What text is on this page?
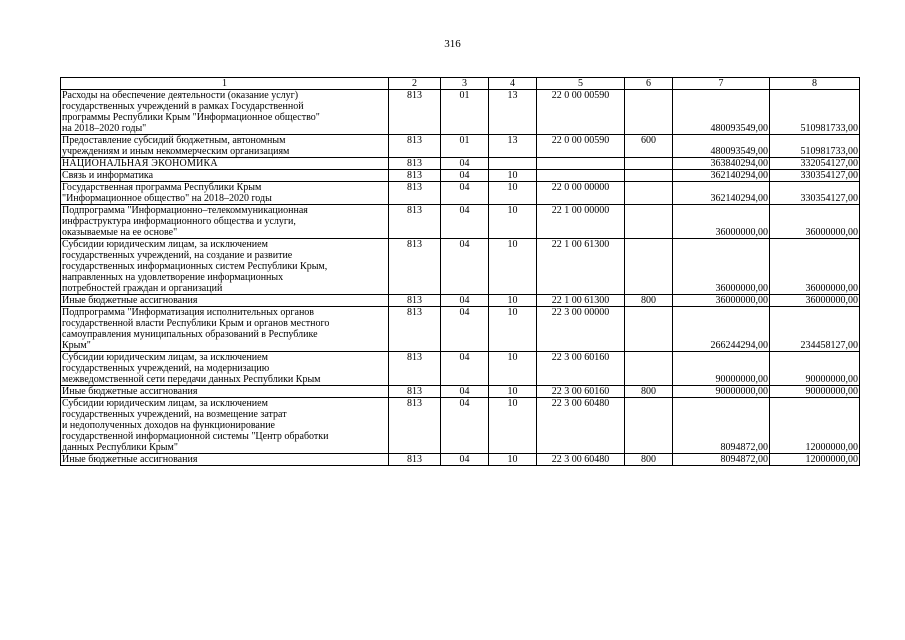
316
1	2	3	4	5	6	7	8

Расходы на обеспечение деятельности (оказание услуг)
государственных учреждений в рамках Государственной
программы Республики Крым "Информационное общество"
на 2018–2020 годы"	813	01	13	22 0 00 00590		480093549,00	510981733,00

Предоставление субсидий бюджетным, автономным
учреждениям и иным некоммерческим организациям	813	01	13	22 0 00 00590	600	480093549,00	510981733,00

НАЦИОНАЛЬНАЯ ЭКОНОМИКА	813	04				363840294,00	332054127,00

Связь и информатика	813	04	10			362140294,00	330354127,00

Государственная программа Республики Крым
"Информационное общество" на 2018–2020 годы	813	04	10	22 0 00 00000		362140294,00	330354127,00

Подпрограмма "Информационно–телекоммуникационная
инфраструктура информационного общества и услуги,
оказываемые на ее основе"	813	04	10	22 1 00 00000		36000000,00	36000000,00

Субсидии юридическим лицам, за исключением
государственных учреждений, на создание и развитие
государственных информационных систем Республики Крым,
направленных на удовлетворение информационных
потребностей граждан и организаций	813	04	10	22 1 00 61300		36000000,00	36000000,00

Иные бюджетные ассигнования	813	04	10	22 1 00 61300	800	36000000,00	36000000,00

Подпрограмма "Информатизация исполнительных органов
государственной власти Республики Крым и органов местного
самоуправления муниципальных образований в Республике
Крым"	813	04	10	22 3 00 00000		266244294,00	234458127,00

Субсидии юридическим лицам, за исключением
государственных учреждений, на модернизацию
межведомственной сети передачи данных Республики Крым	813	04	10	22 3 00 60160		90000000,00	90000000,00

Иные бюджетные ассигнования	813	04	10	22 3 00 60160	800	90000000,00	90000000,00

Субсидии юридическим лицам, за исключением
государственных учреждений, на возмещение затрат
и недополученных доходов на функционирование
государственной информационной системы "Центр обработки
данных Республики Крым"	813	04	10	22 3 00 60480		8094872,00	12000000,00

Иные бюджетные ассигнования	813	04	10	22 3 00 60480	800	8094872,00	12000000,00
